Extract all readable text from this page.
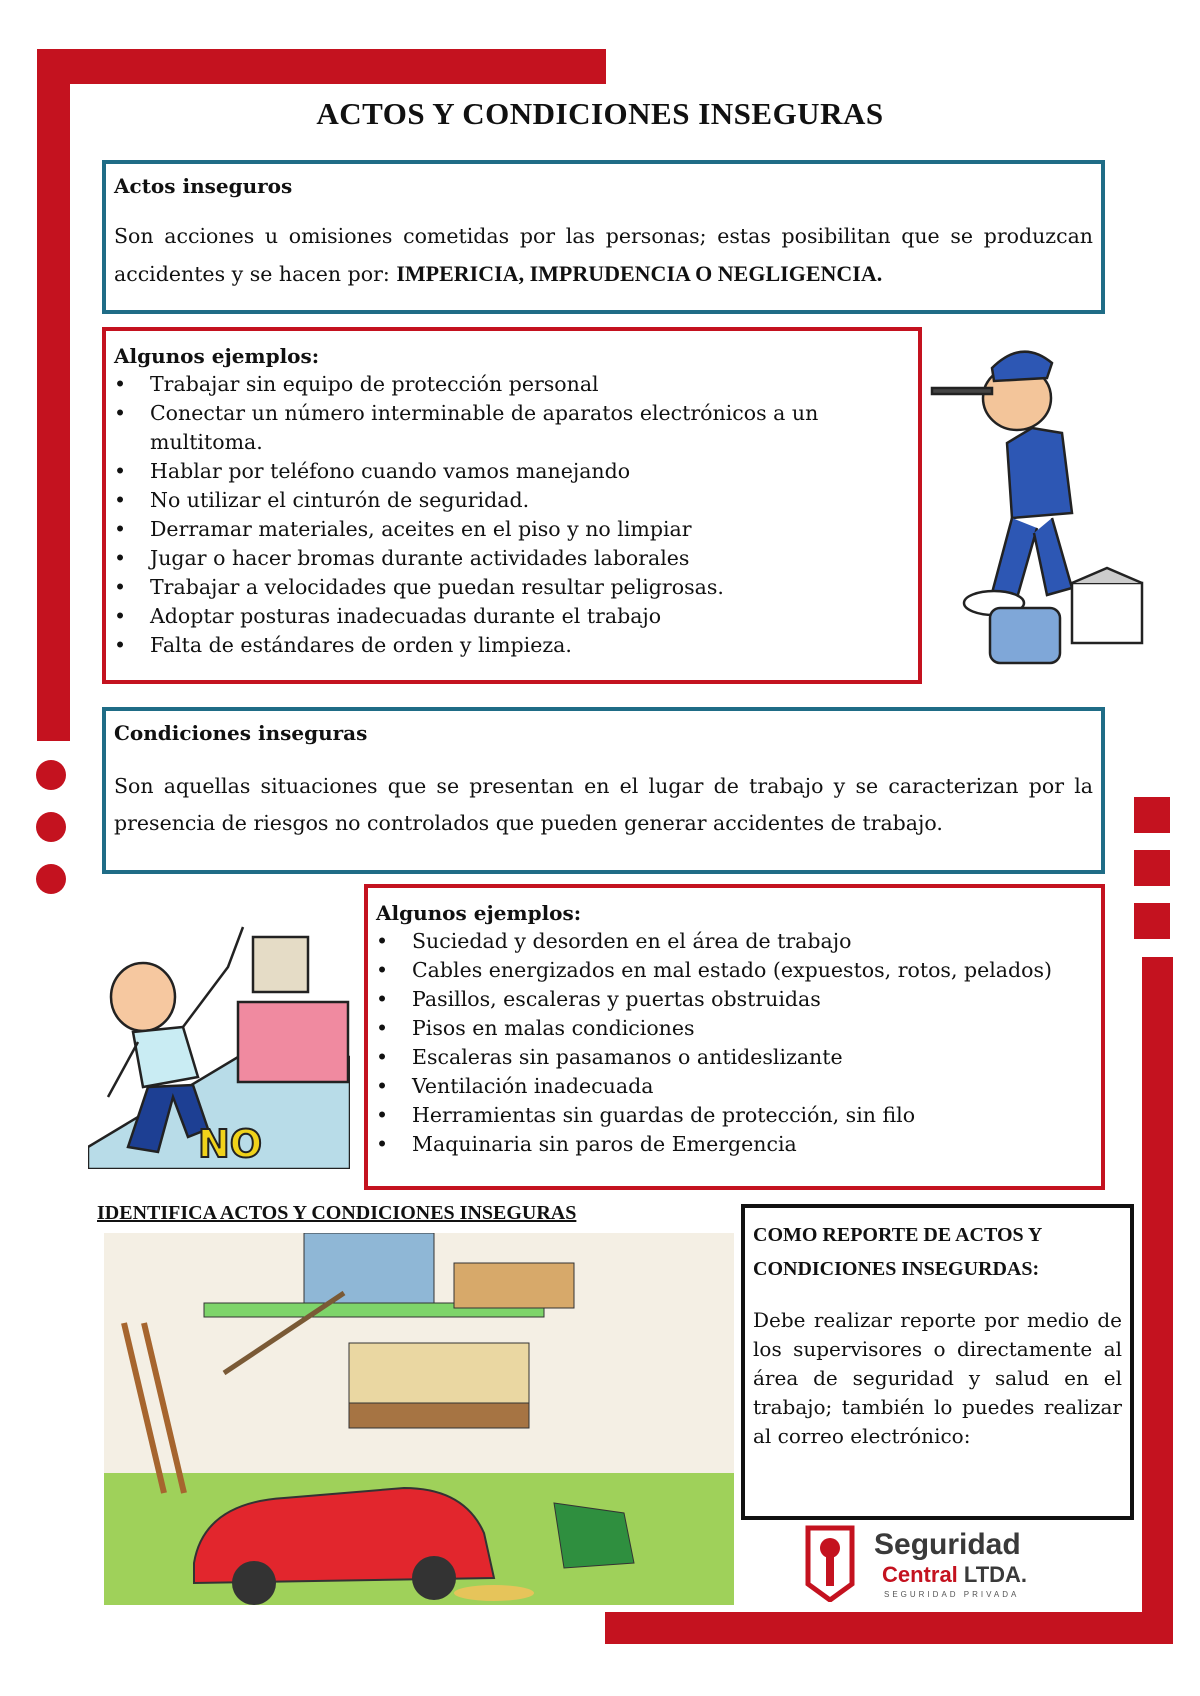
ACTOS Y CONDICIONES INSEGURAS
Actos inseguros
Son acciones u omisiones cometidas por las personas; estas posibilitan que se produzcan accidentes y se hacen por: IMPERICIA, IMPRUDENCIA O NEGLIGENCIA.
Algunos ejemplos:
• Trabajar sin equipo de protección personal
• Conectar un número interminable de aparatos electrónicos a un multitoma.
• Hablar por teléfono cuando vamos manejando
• No utilizar el cinturón de seguridad.
• Derramar materiales, aceites en el piso y no limpiar
• Jugar o hacer bromas durante actividades laborales
• Trabajar a velocidades que puedan resultar peligrosas.
• Adoptar posturas inadecuadas durante el trabajo
• Falta de estándares de orden y limpieza.
Condiciones inseguras
Son aquellas situaciones que se presentan en el lugar de trabajo y se caracterizan por la presencia de riesgos no controlados que pueden generar accidentes de trabajo.
NO
Algunos ejemplos:
• Suciedad y desorden en el área de trabajo
• Cables energizados en mal estado (expuestos, rotos, pelados)
• Pasillos, escaleras y puertas obstruidas
• Pisos en malas condiciones
• Escaleras sin pasamanos o antideslizante
• Ventilación inadecuada
• Herramientas sin guardas de protección, sin filo
• Maquinaria sin paros de Emergencia
IDENTIFICA ACTOS Y CONDICIONES INSEGURAS
COMO REPORTE DE ACTOS Y CONDICIONES INSEGURDAS:
Debe realizar reporte por medio de los supervisores o directamente al área de seguridad y salud en el trabajo; también lo puedes realizar al correo electrónico:
Seguridad
Central LTDA.
SEGURIDAD PRIVADA
